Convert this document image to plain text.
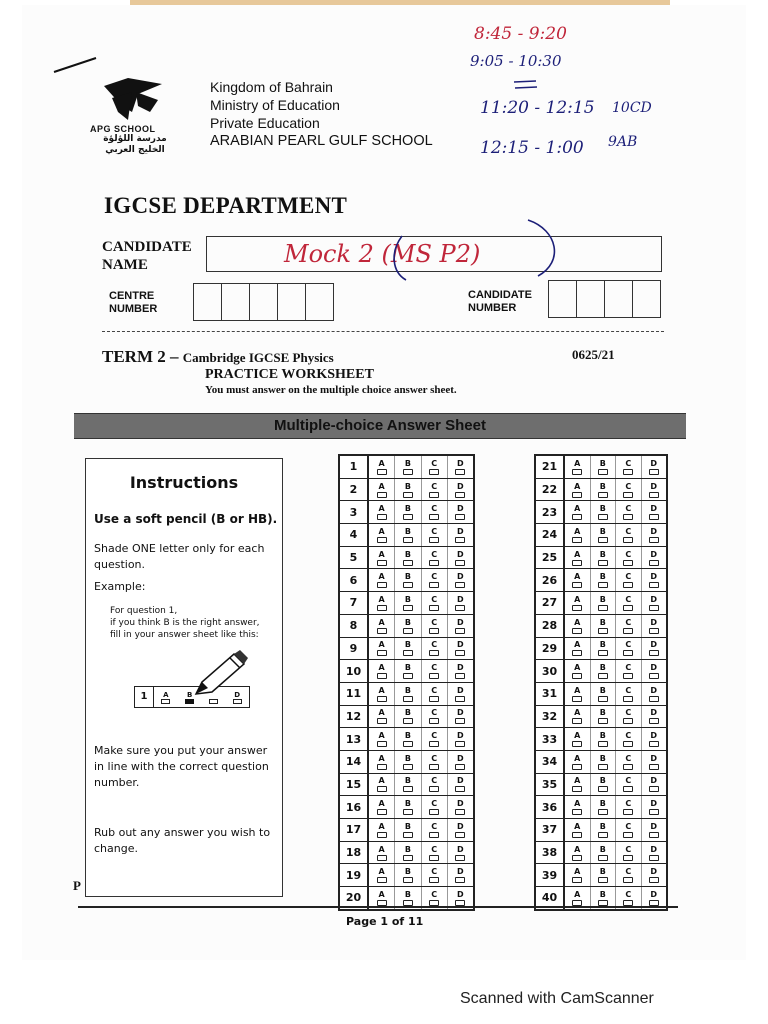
APG SCHOOL
مدرسة اللؤلؤة
الخليج العربي
Kingdom of Bahrain
Ministry of Education
Private Education
ARABIAN PEARL GULF SCHOOL
8:45 - 9:20
9:05 - 10:30
11:20 - 12:15 10CD
12:15 - 1:00 9AB
IGCSE DEPARTMENT
CANDIDATE
NAME	Mock 2 (MS P2)
CENTRE
NUMBER
CANDIDATE
NUMBER
TERM 2 – Cambridge IGCSE Physics	0625/21
PRACTICE WORKSHEET
You must answer on the multiple choice answer sheet.
Multiple-choice Answer Sheet
Instructions
Use a soft pencil (B or HB).
Shade ONE letter only for each question.
Example:
For question 1,
if you think B is the right answer,
fill in your answer sheet like this:
Make sure you put your answer in line with the correct question number.
Rub out any answer you wish to change.
1	A	B	D
1	A	B	C D
2	A	B	C D
3	A	B	C D
4	A	B	C D
5	A	B	C D
6	A	B	C D
7	A	B	C D
8	A	B	C D
9	A	B	C D
10	A	B	C D
11	A	B	C D
12	A	B	C D
13	A	B	C D
14	A	B	C D
15	A	B	C D
16	A	B	C D
17	A	B	C D
18	A	B	C D
19	A	B	C D
20	A	B	C D
21	A B C D
22	A B C D
23	A B C D
24	A B C D
25	A B C D
26	A B C D
27	A B C D
28	A B C D
29	A B C D
30	A B C D
31	A B C D
32	A B C D
33	A B C D
34	A B C D
35	A B C D
36	A B C D
37	A B C D
38	A B C D
39	A B C D
40	A B C D
P
Page 1 of 11
Scanned with CamScanner
